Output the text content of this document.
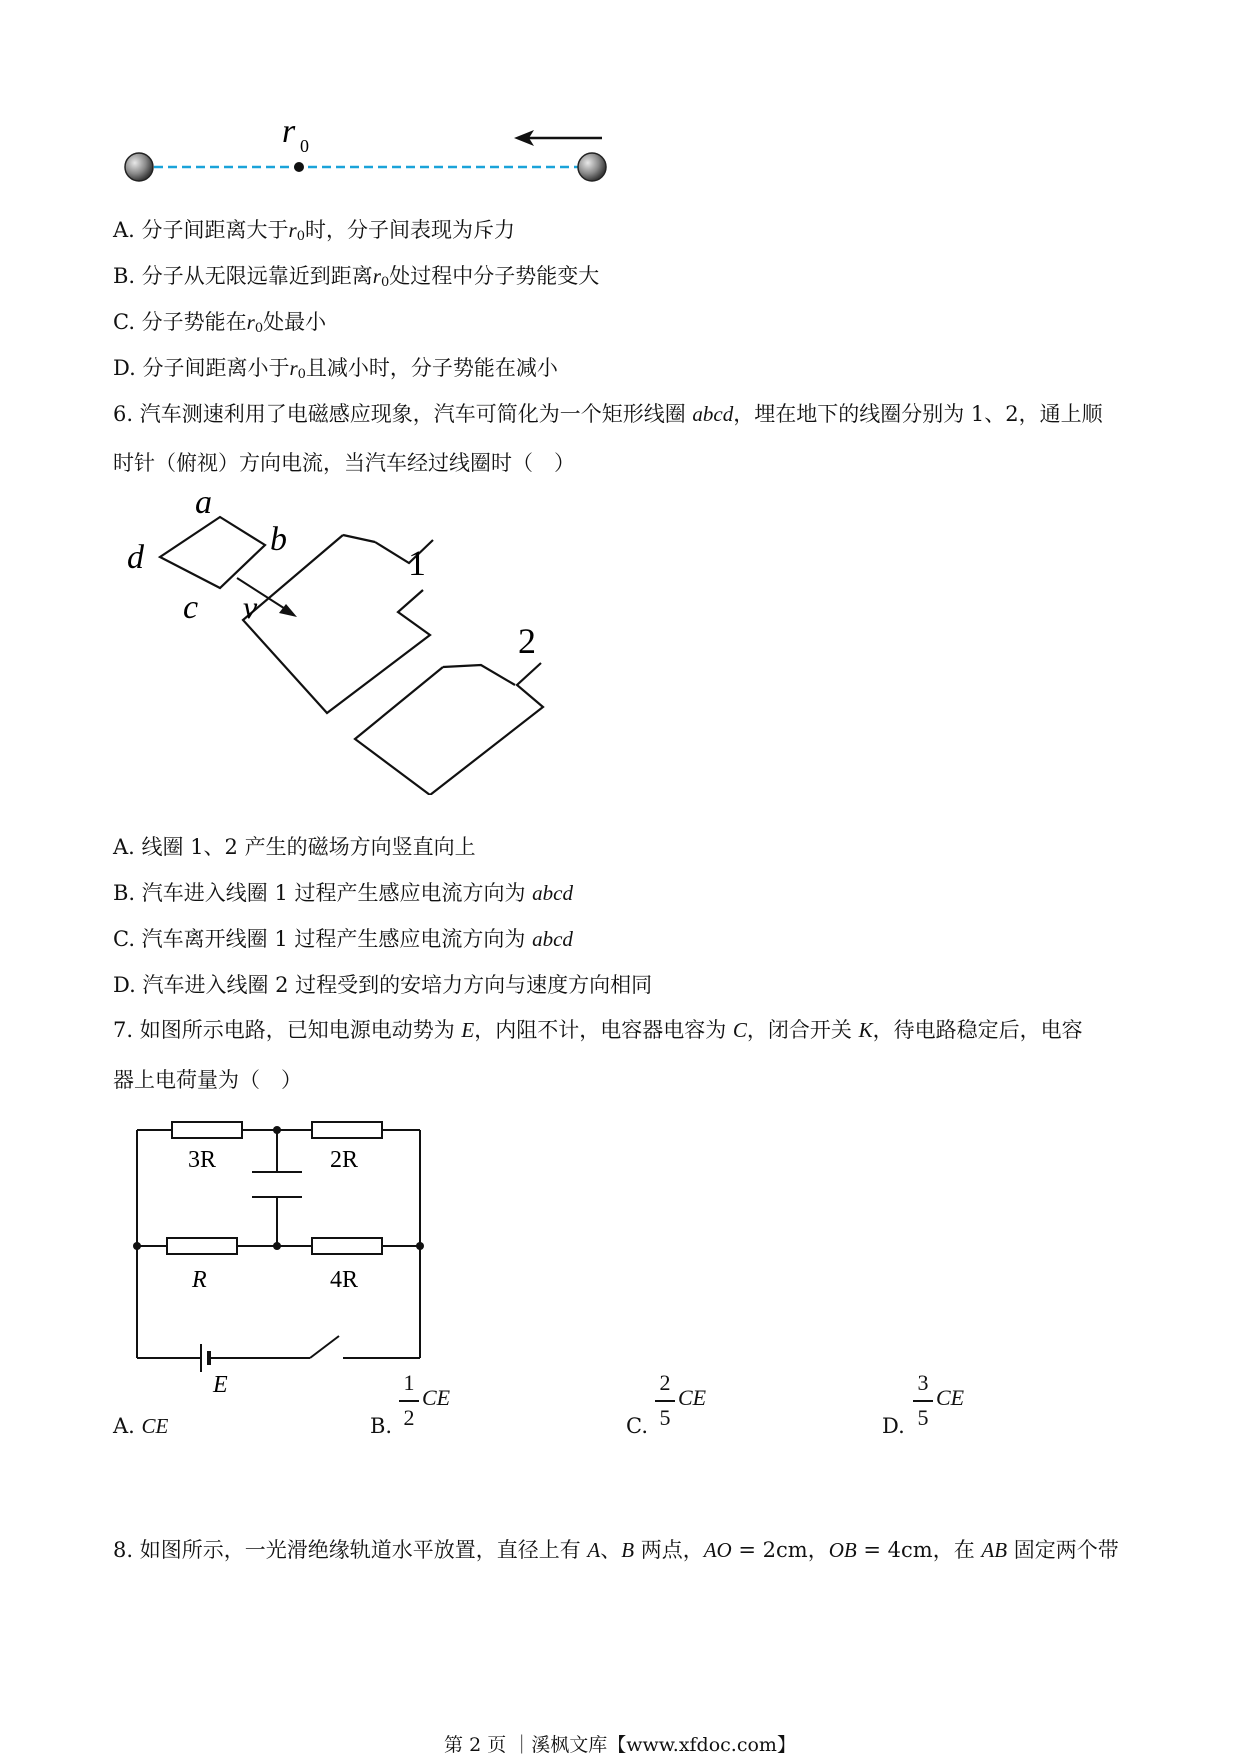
r 0
A. 分子间距离大于$r_0$时，分子间表现为斥力
B. 分子从无限远靠近到距离$r_0$处过程中分子势能变大
C. 分子势能在$r_0$处最小
D. 分子间距离小于$r_0$且减小时，分子势能在减小
6. 汽车测速利用了电磁感应现象，汽车可简化为一个矩形线圈 abcd，埋在地下的线圈分别为 1、2，通上顺
时针（俯视）方向电流，当汽车经过线圈时（　）
a
b
c
d
v
1
2
A. 线圈 1、2 产生的磁场方向竖直向上
B. 汽车进入线圈 1 过程产生感应电流方向为 abcd
C. 汽车离开线圈 1 过程产生感应电流方向为 abcd
D. 汽车进入线圈 2 过程受到的安培力方向与速度方向相同
7. 如图所示电路，已知电源电动势为 E，内阻不计，电容器电容为 C，闭合开关 K，待电路稳定后，电容
器上电荷量为（　）
3R	2R
R	4R
E
A. CE	B.
1
2
CE
C.
2
5
CE
D.
3
5
CE
8. 如图所示，一光滑绝缘轨道水平放置，直径上有 A、B 两点，AO = 2cm，OB = 4cm，在 AB 固定两个带
第 2 页 ｜溪枫文库【www.xfdoc.com】
